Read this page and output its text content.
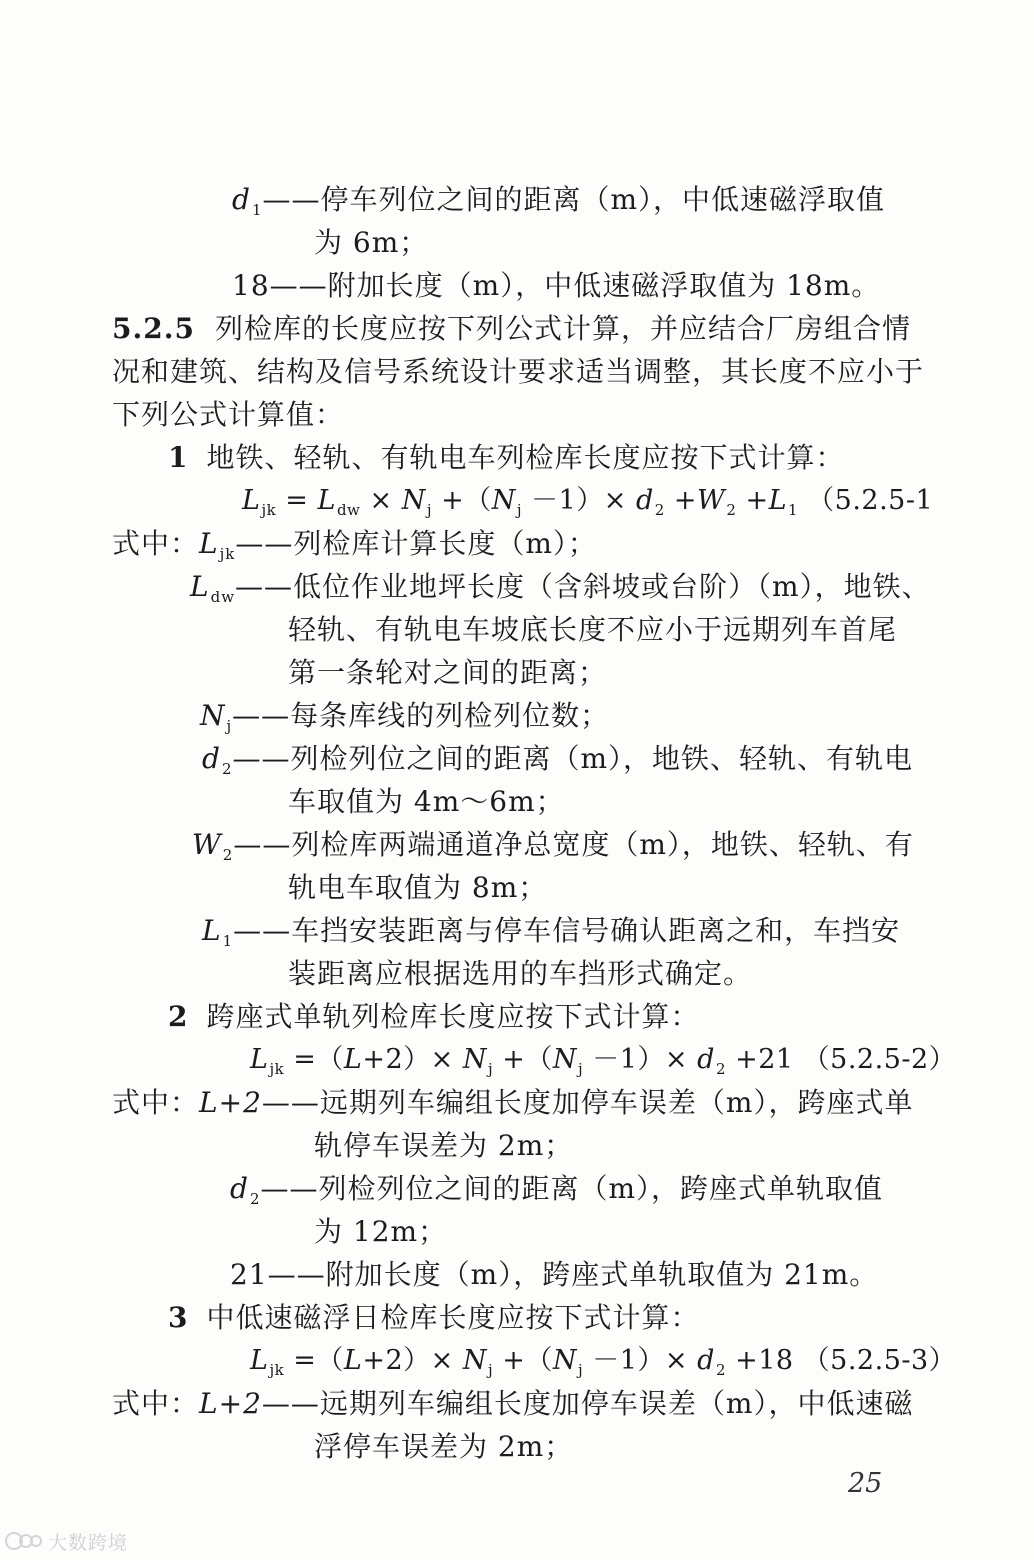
$d_1——$停车列位之间的距离（m），中低速磁浮取值
为 6m；
18——附加长度（m），中低速磁浮取值为 18m。
5.2.5 列检库的长度应按下列公式计算，并应结合厂房组合情
况和建筑、结构及信号系统设计要求适当调整，其长度不应小于
下列公式计算值：
1 地铁、轻轨、有轨电车列检库长度应按下式计算：
$L_{jk} = L_{dw} \times N_j +(N_j -1)\times d_2 +W_2 +L_1$ （5.2.5-1
式中：$L_{jk}——$列检库计算长度（m）；
$L_{dw}——$低位作业地坪长度（含斜坡或台阶）（m），地铁、
轻轨、有轨电车坡底长度不应小于远期列车首尾
第一条轮对之间的距离；
$N_j——$每条库线的列检列位数；
$d_2——$列检列位之间的距离（m），地铁、轻轨、有轨电
车取值为 4m～6m；
$W_2——$列检库两端通道净总宽度（m），地铁、轻轨、有
轨电车取值为 8m；
$L_1——$车挡安装距离与停车信号确认距离之和，车挡安
装距离应根据选用的车挡形式确定。
2 跨座式单轨列检库长度应按下式计算：
$L_{jk} =(L+2)\times N_j +(N_j -1)\times d_2 +21$ （5.2.5-2）
式中：L+2——远期列车编组长度加停车误差（m），跨座式单
轨停车误差为 2m；
$d_2——$列检列位之间的距离（m），跨座式单轨取值
为 12m；
21——附加长度（m），跨座式单轨取值为 21m。
3 中低速磁浮日检库长度应按下式计算：
$L_{jk} =(L+2)\times N_j +(N_j -1)\times d_2 +18$ （5.2.5-3）
式中：L+2——远期列车编组长度加停车误差（m），中低速磁
浮停车误差为 2m；
25
大数跨境
